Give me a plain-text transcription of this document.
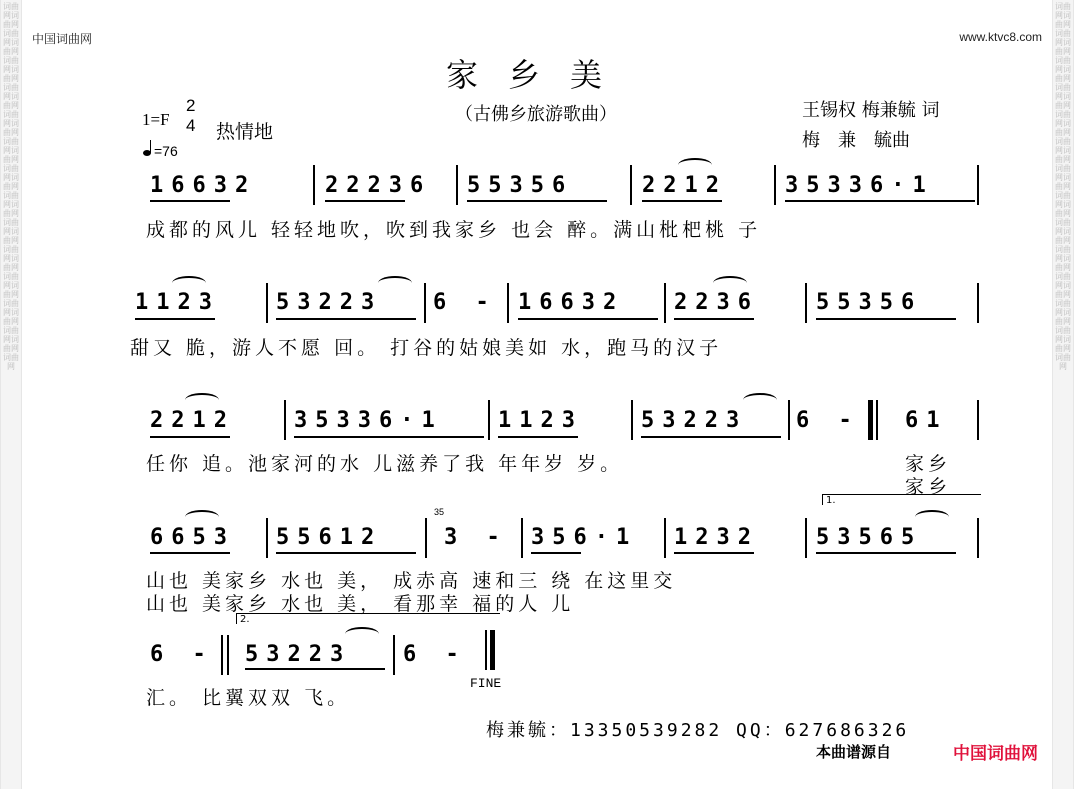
词曲网词曲网词曲网词曲网词曲网词曲网词曲网词曲网词曲网词曲网词曲网词曲网词曲网词曲网词曲网词曲网词曲网词曲网词曲网词曲网词曲网词曲网词曲网词曲网词曲网词曲网词曲网
词曲网词曲网词曲网词曲网词曲网词曲网词曲网词曲网词曲网词曲网词曲网词曲网词曲网词曲网词曲网词曲网词曲网词曲网词曲网词曲网词曲网词曲网词曲网词曲网词曲网词曲网词曲网
中国词曲网	www.ktvc8.com
家乡美
（古佛乡旅游歌曲）	王锡权 梅兼毓 词
梅　兼　毓曲
1=F
2
4 热情地
=76
16632	22236 55356	2212	35336·1
成都的风儿 轻轻地吹，吹到我家乡 也会 醉。满山枇杷桃 子
1123	53223 6 - 16632 2236	55356
甜又 脆，游人不愿 回。 打谷的姑娘美如 水，跑马的汉子
2212	35336·1	1123	53223 6 - 61
任你 追。池家河的水 儿滋养了我 年年岁 岁。	家乡
家乡
1.
35
6653 55612	3 - 356·1 1232	53565
山也 美家乡 水也 美， 成赤高 速和三 绕 在这里交
山也 美家乡 水也 美， 看那幸 福的人 儿
2.
6 - 53223 6 -
FINE
汇。 比翼双双 飞。
梅兼毓：13350539282 QQ：627686326
本曲谱源自	中国词曲网
